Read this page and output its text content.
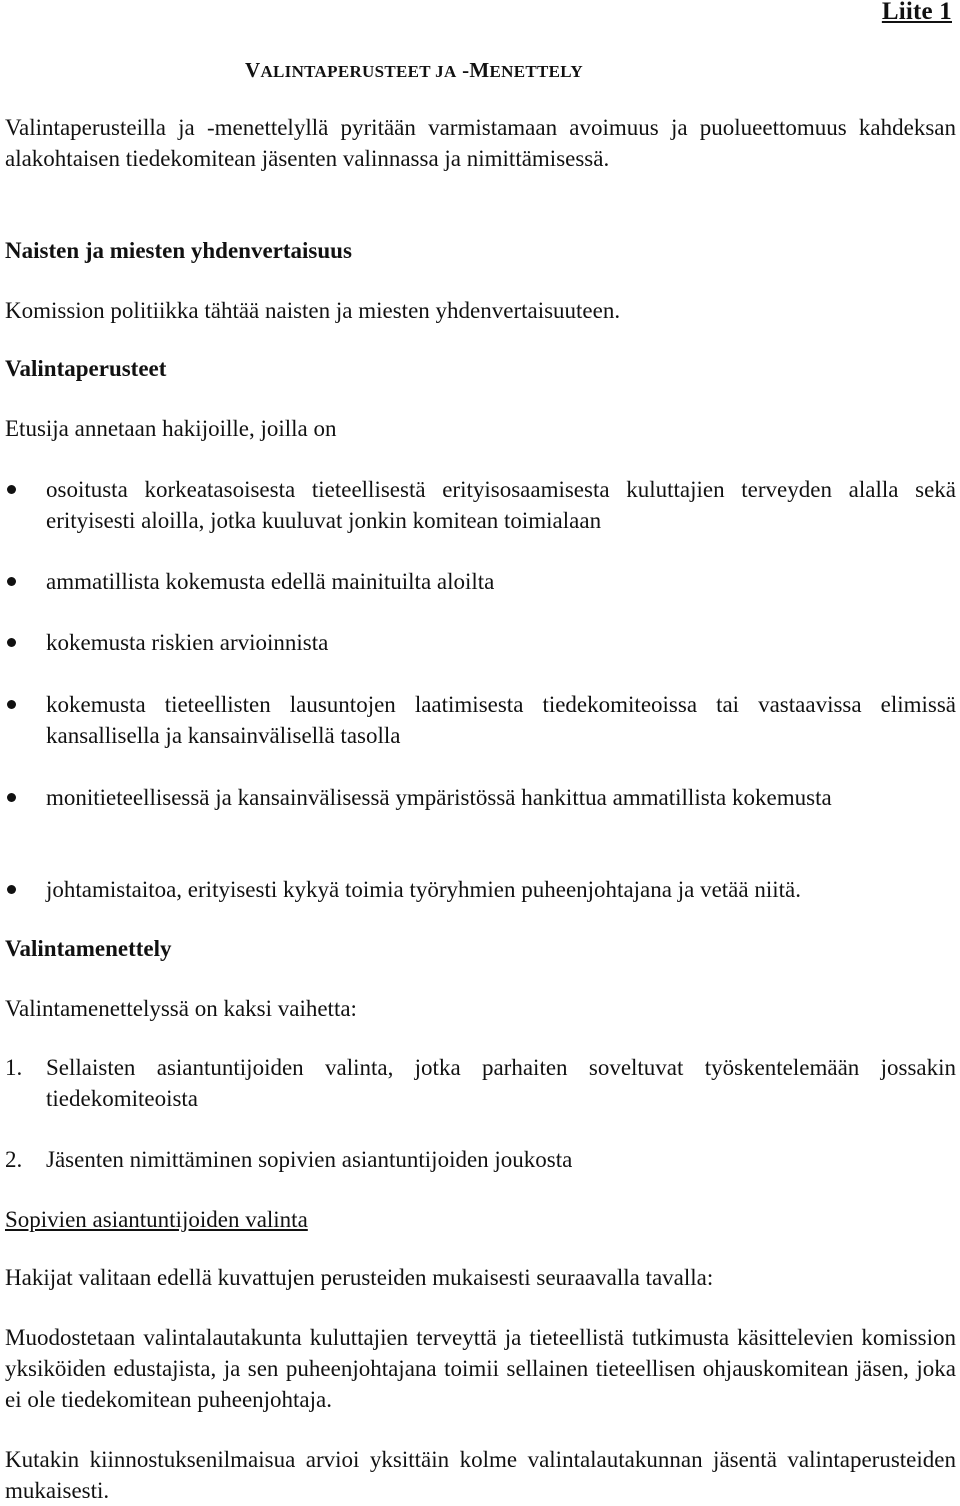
Liite 1
VALINTAPERUSTEET JA -MENETTELY
Valintaperusteilla ja -menettelyllä pyritään varmistamaan avoimuus ja puolueettomuus kahdeksan alakohtaisen tiedekomitean jäsenten valinnassa ja nimittämisessä.
Naisten ja miesten yhdenvertaisuus
Komission politiikka tähtää naisten ja miesten yhdenvertaisuuteen.
Valintaperusteet
Etusija annetaan hakijoille, joilla on
osoitusta korkeatasoisesta tieteellisestä erityisosaamisesta kuluttajien terveyden alalla sekä erityisesti aloilla, jotka kuuluvat jonkin komitean toimialaan
ammatillista kokemusta edellä mainituilta aloilta
kokemusta riskien arvioinnista
kokemusta tieteellisten lausuntojen laatimisesta tiedekomiteoissa tai vastaavissa elimissä kansallisella ja kansainvälisellä tasolla
monitieteellisessä ja kansainvälisessä ympäristössä hankittua ammatillista kokemusta
johtamistaitoa, erityisesti kykyä toimia työryhmien puheenjohtajana ja vetää niitä.
Valintamenettely
Valintamenettelyssä on kaksi vaihetta:
1. Sellaisten asiantuntijoiden valinta, jotka parhaiten soveltuvat työskentelemään jossakin tiedekomiteoista
2. Jäsenten nimittäminen sopivien asiantuntijoiden joukosta
Sopivien asiantuntijoiden valinta
Hakijat valitaan edellä kuvattujen perusteiden mukaisesti seuraavalla tavalla:
Muodostetaan valintalautakunta kuluttajien terveyttä ja tieteellistä tutkimusta käsittelevien komission yksiköiden edustajista, ja sen puheenjohtajana toimii sellainen tieteellisen ohjauskomitean jäsen, joka ei ole tiedekomitean puheenjohtaja.
Kutakin kiinnostuksenilmaisua arvioi yksittäin kolme valintalautakunnan jäsentä valintaperusteiden mukaisesti.
